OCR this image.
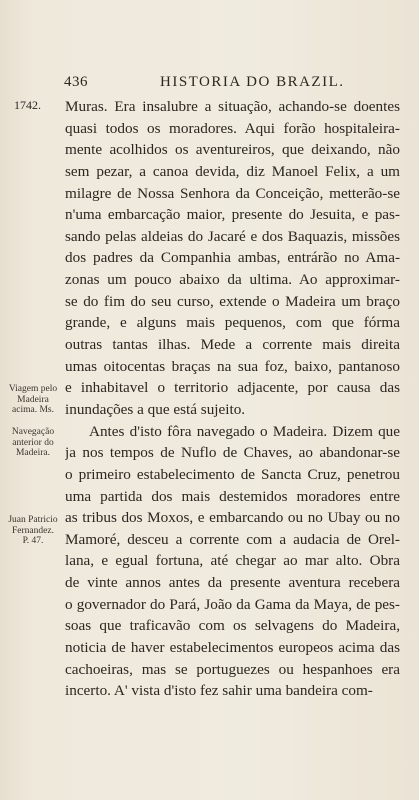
436	HISTORIA DO BRAZIL.
1742.
Viagem pelo
Madeira
acima. Ms.
Navegação
anterior do
Madeira.
Juan Patricio
Fernandez.
P. 47.
Muras. Era insalubre a situação, achando-se doentes
quasi todos os moradores. Aqui forão hospitaleira-
mente acolhidos os aventureiros, que deixando, não
sem pezar, a canoa devida, diz Manoel Felix, a um
milagre de Nossa Senhora da Conceição, metterão-se
n'uma embarcação maior, presente do Jesuita, e pas-
sando pelas aldeias do Jacaré e dos Baquazis, missões
dos padres da Companhia ambas, entrárão no Ama-
zonas um pouco abaixo da ultima. Ao approximar-
se do fim do seu curso, extende o Madeira um braço
grande, e alguns mais pequenos, com que fórma
outras tantas ilhas. Mede a corrente mais direita
umas oitocentas braças na sua foz, baixo, pantanoso
e inhabitavel o territorio adjacente, por causa das
inundações a que está sujeito.
Antes d'isto fôra navegado o Madeira. Dizem que
ja nos tempos de Nuflo de Chaves, ao abandonar-se
o primeiro estabelecimento de Sancta Cruz, penetrou
uma partida dos mais destemidos moradores entre
as tribus dos Moxos, e embarcando ou no Ubay ou no
Mamoré, desceu a corrente com a audacia de Orel-
lana, e egual fortuna, até chegar ao mar alto. Obra
de vinte annos antes da presente aventura recebera
o governador do Pará, João da Gama da Maya, de pes-
soas que traficavão com os selvagens do Madeira,
noticia de haver estabelecimentos europeos acima das
cachoeiras, mas se portuguezes ou hespanhoes era
incerto. A' vista d'isto fez sahir uma bandeira com-
